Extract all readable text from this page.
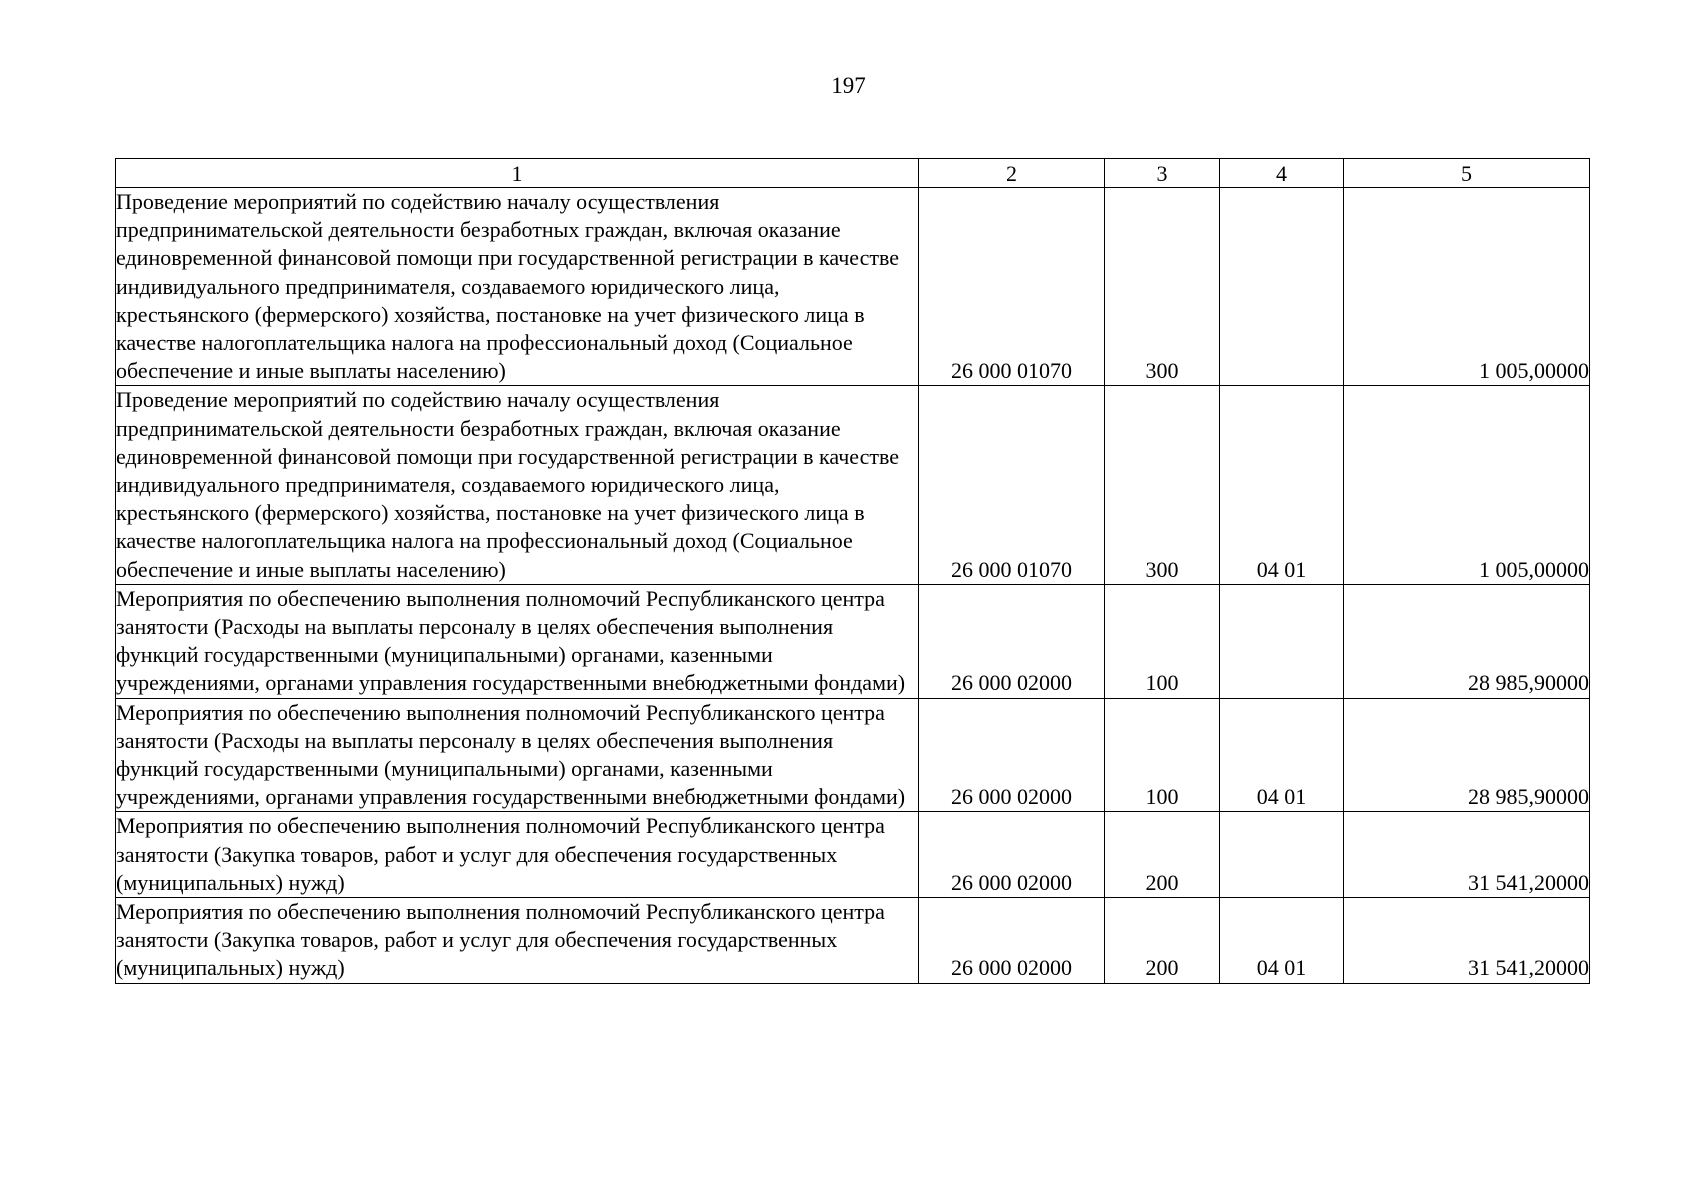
197
1	2	3	4	5
Проведение мероприятий по содействию началу осуществления предпринимательской деятельности безработных граждан, включая оказание единовременной финансовой помощи при государственной регистрации в качестве индивидуального предпринимателя, создаваемого юридического лица, крестьянского (фермерского) хозяйства, постановке на учет физического лица в качестве налогоплательщика налога на профессиональный доход (Социальное обеспечение и иные выплаты населению)	26 000 01070	300		1 005,00000
Проведение мероприятий по содействию началу осуществления предпринимательской деятельности безработных граждан, включая оказание единовременной финансовой помощи при государственной регистрации в качестве индивидуального предпринимателя, создаваемого юридического лица, крестьянского (фермерского) хозяйства, постановке на учет физического лица в качестве налогоплательщика налога на профессиональный доход (Социальное обеспечение и иные выплаты населению)	26 000 01070	300	04 01	1 005,00000
Мероприятия по обеспечению выполнения полномочий Республиканского центра занятости (Расходы на выплаты персоналу в целях обеспечения выполнения функций государственными (муниципальными) органами, казенными учреждениями, органами управления государственными внебюджетными фондами)	26 000 02000	100		28 985,90000
Мероприятия по обеспечению выполнения полномочий Республиканского центра занятости (Расходы на выплаты персоналу в целях обеспечения выполнения функций государственными (муниципальными) органами, казенными учреждениями, органами управления государственными внебюджетными фондами)	26 000 02000	100	04 01	28 985,90000
Мероприятия по обеспечению выполнения полномочий Республиканского центра занятости (Закупка товаров, работ и услуг для обеспечения государственных (муниципальных) нужд)	26 000 02000	200		31 541,20000
Мероприятия по обеспечению выполнения полномочий Республиканского центра занятости (Закупка товаров, работ и услуг для обеспечения государственных (муниципальных) нужд)	26 000 02000	200	04 01	31 541,20000
